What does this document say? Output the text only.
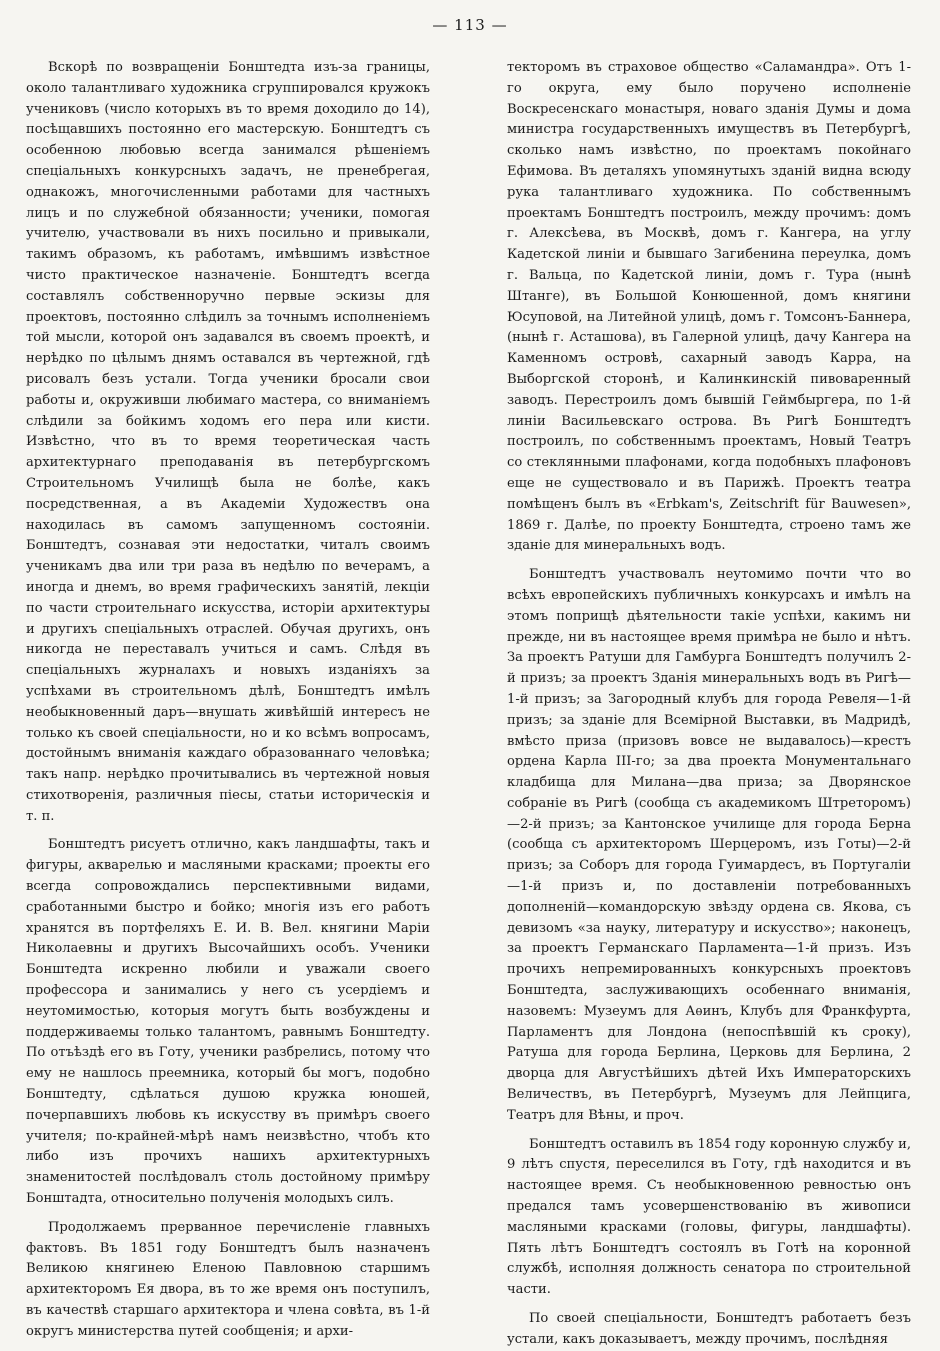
— 113 —

Вскорѣ по возвращеніи Бонштедта изъ-за границы, около талантливаго художника сгруппировался кружокъ учениковъ (число которыхъ въ то время доходило до 14), посѣщавшихъ постоянно его мастерскую. Бонштедтъ съ особенною любовью всегда занимался рѣшеніемъ спеціальныхъ конкурсныхъ задачъ, не пренебрегая, однакожъ, многочисленными работами для частныхъ лицъ и по служебной обязанности; ученики, помогая учителю, участвовали въ нихъ посильно и привыкали, такимъ образомъ, къ работамъ, имѣвшимъ извѣстное чисто практическое назначеніе. Бонштедтъ всегда составлялъ собственноручно первые эскизы для проектовъ, постоянно слѣдилъ за точнымъ исполненіемъ той мысли, которой онъ задавался въ своемъ проектѣ, и нерѣдко по цѣлымъ днямъ оставался въ чертежной, гдѣ рисовалъ безъ устали. Тогда ученики бросали свои работы и, окруживши любимаго мастера, со вниманіемъ слѣдили за бойкимъ ходомъ его пера или кисти. Извѣстно, что въ то время теоретическая часть архитектурнаго преподаванія въ петербургскомъ Строительномъ Училищѣ была не болѣе, какъ посредственная, а въ Академіи Художествъ она находилась въ самомъ запущенномъ состояніи. Бонштедтъ, сознавая эти недостатки, читалъ своимъ ученикамъ два или три раза въ недѣлю по вечерамъ, а иногда и днемъ, во время графическихъ занятій, лекціи по части строительнаго искусства, исторіи архитектуры и другихъ спеціальныхъ отраслей. Обучая другихъ, онъ никогда не переставалъ учиться и самъ. Слѣдя въ спеціальныхъ журналахъ и новыхъ изданіяхъ за успѣхами въ строительномъ дѣлѣ, Бонштедтъ имѣлъ необыкновенный даръ—внушать живѣйшій интересъ не только къ своей спеціальности, но и ко всѣмъ вопросамъ, достойнымъ вниманія каждаго образованнаго человѣка; такъ напр. нерѣдко прочитывались въ чертежной новыя стихотворенія, различныя піесы, статьи историческія и т. п.

Бонштедтъ рисуетъ отлично, какъ ландшафты, такъ и фигуры, акварелью и масляными красками; проекты его всегда сопровождались перспективными видами, сработанными быстро и бойко; многія изъ его работъ хранятся въ портфеляхъ Е. И. В. Вел. княгини Маріи Николаевны и другихъ Высочайшихъ особъ. Ученики Бонштедта искренно любили и уважали своего профессора и занимались у него съ усердіемъ и неутомимостью, которыя могутъ быть возбуждены и поддерживаемы только талантомъ, равнымъ Бонштедту. По отъѣздѣ его въ Готу, ученики разбрелись, потому что ему не нашлось преемника, который бы могъ, подобно Бонштедту, сдѣлаться душою кружка юношей, почерпавшихъ любовь къ искусству въ примѣръ своего учителя; по-крайней-мѣрѣ намъ неизвѣстно, чтобъ кто либо изъ прочихъ нашихъ архитектурныхъ знаменитостей послѣдовалъ столь достойному примѣру Бонштадта, относительно полученія молодыхъ силъ.

Продолжаемъ прерванное перечисленіе главныхъ фактовъ. Въ 1851 году Бонштедтъ былъ назначенъ Великою княгинею Еленою Павловною старшимъ архитекторомъ Ея двора, въ то же время онъ поступилъ, въ качествѣ старшаго архитектора и члена совѣта, въ 1-й округъ министерства путей сообщенія; и архи-

текторомъ въ страховое общество «Саламандра». Отъ 1-го округа, ему было поручено исполненіе Воскресенскаго монастыря, новаго зданія Думы и дома министра государственныхъ имуществъ въ Петербургѣ, сколько намъ извѣстно, по проектамъ покойнаго Ефимова. Въ деталяхъ упомянутыхъ зданій видна всюду рука талантливаго художника. По собственнымъ проектамъ Бонштедтъ построилъ, между прочимъ: домъ г. Алексѣева, въ Москвѣ, домъ г. Кангера, на углу Кадетской линіи и бывшаго Загибенина переулка, домъ г. Вальца, по Кадетской линіи, домъ г. Тура (нынѣ Штанге), въ Большой Конюшенной, домъ княгини Юсуповой, на Литейной улицѣ, домъ г. Томсонъ-Баннера, (нынѣ г. Асташова), въ Галерной улицѣ, дачу Кангера на Каменномъ островѣ, сахарный заводъ Карра, на Выборгской сторонѣ, и Калинкинскій пивоваренный заводъ. Перестроилъ домъ бывшій Геймбыргера, по 1-й линіи Васильевскаго острова. Въ Ригѣ Бонштедтъ построилъ, по собственнымъ проектамъ, Новый Театръ со стеклянными плафонами, когда подобныхъ плафоновъ еще не существовало и въ Парижѣ. Проектъ театра помѣщенъ былъ въ «Erbkam's, Zeitschrift für Bauwesen», 1869 г. Далѣе, по проекту Бонштедта, строено тамъ же зданіе для минеральныхъ водъ.

Бонштедтъ участвовалъ неутомимо почти что во всѣхъ европейскихъ публичныхъ конкурсахъ и имѣлъ на этомъ поприщѣ дѣятельности такіе успѣхи, какимъ ни прежде, ни въ настоящее время примѣра не было и нѣтъ. За проектъ Ратуши для Гамбурга Бонштедтъ получилъ 2-й призъ; за проектъ Зданія минеральныхъ водъ въ Ригѣ—1-й призъ; за Загородный клубъ для города Ревеля—1-й призъ; за зданіе для Всемірной Выставки, въ Мадридѣ, вмѣсто приза (призовъ вовсе не выдавалось)—крестъ ордена Карла III-го; за два проекта Монументальнаго кладбища для Милана—два приза; за Дворянское собраніе въ Ригѣ (сообща съ академикомъ Штреторомъ)—2-й призъ; за Кантонское училище для города Берна (сообща съ архитекторомъ Шерцеромъ, изъ Готы)—2-й призъ; за Соборъ для города Гуимардесъ, въ Португаліи—1-й призъ и, по доставленіи потребованныхъ дополненій—командорскую звѣзду ордена св. Якова, съ девизомъ «за науку, литературу и искусство»; наконецъ, за проектъ Германскаго Парламента—1-й призъ. Изъ прочихъ непремированныхъ конкурсныхъ проектовъ Бонштедта, заслуживающихъ особеннаго вниманія, назовемъ: Музеумъ для Аѳинъ, Клубъ для Франкфурта, Парламентъ для Лондона (непоспѣвшій къ сроку), Ратуша для города Берлина, Церковь для Берлина, 2 дворца для Августѣйшихъ дѣтей Ихъ Императорскихъ Величествъ, въ Петербургѣ, Музеумъ для Лейпцига, Театръ для Вѣны, и проч.

Бонштедтъ оставилъ въ 1854 году коронную службу и, 9 лѣтъ спустя, переселился въ Готу, гдѣ находится и въ настоящее время. Съ необыкновенною ревностью онъ предался тамъ усовершенствованію въ живописи масляными красками (головы, фигуры, ландшафты). Пять лѣтъ Бонштедтъ состоялъ въ Готѣ на коронной службѣ, исполняя должность сенатора по строительной части.

По своей спеціальности, Бонштедтъ работаетъ безъ устали, какъ доказываетъ, между прочимъ, послѣдняя
